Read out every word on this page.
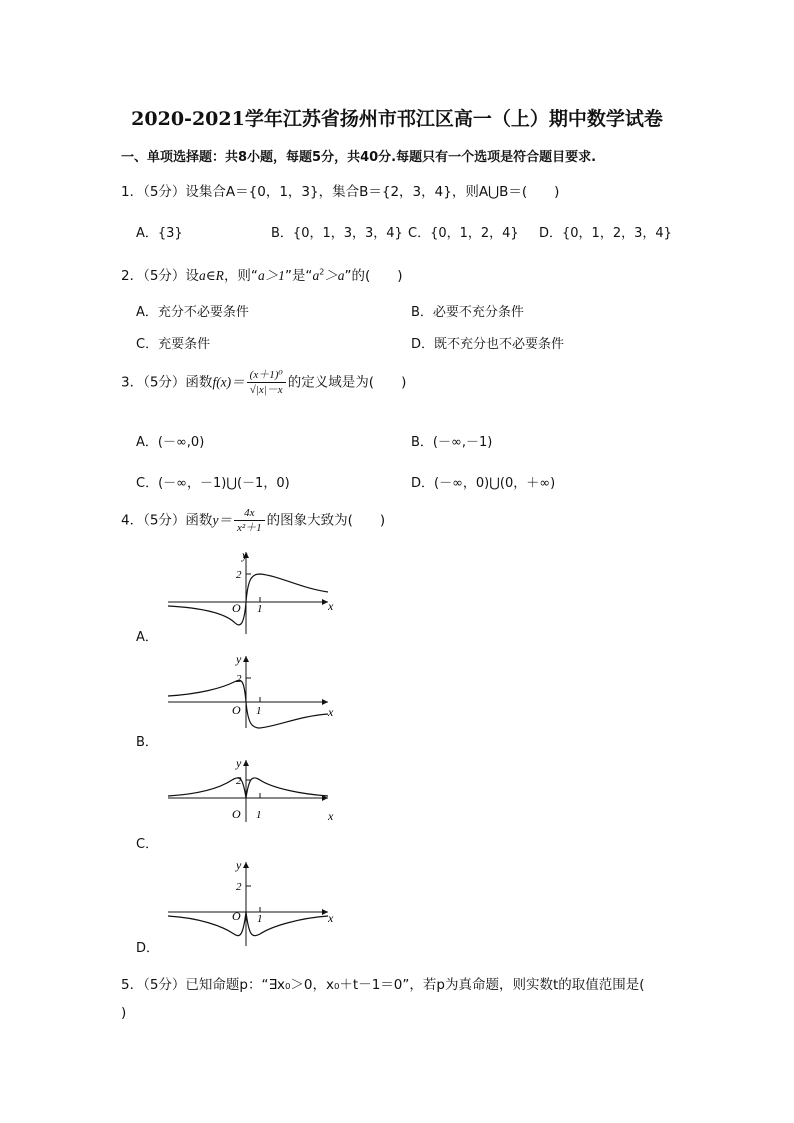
2020-2021学年江苏省扬州市邗江区高一（上）期中数学试卷
一、单项选择题：共8小题，每题5分，共40分.每题只有一个选项是符合题目要求.
1．（5分）设集合A＝{0，1，3}，集合B＝{2，3，4}，则A⋃B＝(　　)
A．{3}	B．{0，1，3，3，4} C．{0，1，2，4} D．{0，1，2，3，4}
2．（5分）设a∈R，则“a＞1”是“$a^2>a$”的(　　)
A．充分不必要条件	B．必要不充分条件
C．充要条件	D．既不充分也不必要条件
3．（5分）函数$f(x)= \frac{\text{(x＋1)⁰}}{√|x|-x}$ 的定义域是为(　　)
A．(－∞,0)	B．(－∞,－1)
C．(－∞，－1)⋃(－1，0)	D．(－∞，0)⋃(0，＋∞)
4．（5分）函数$y= \frac{4x}{\text{x²＋1}}$ 的图象大致为(　　)
y
x
O
2
1
A．
y
x
O
2
1
B．
y
x
O
2
1
C．
y
x
O
2
1
D．
5．（5分）已知命题p：“∃x₀＞0，x₀＋t－1＝0”，若p为真命题，则实数t的取值范围是(
)
